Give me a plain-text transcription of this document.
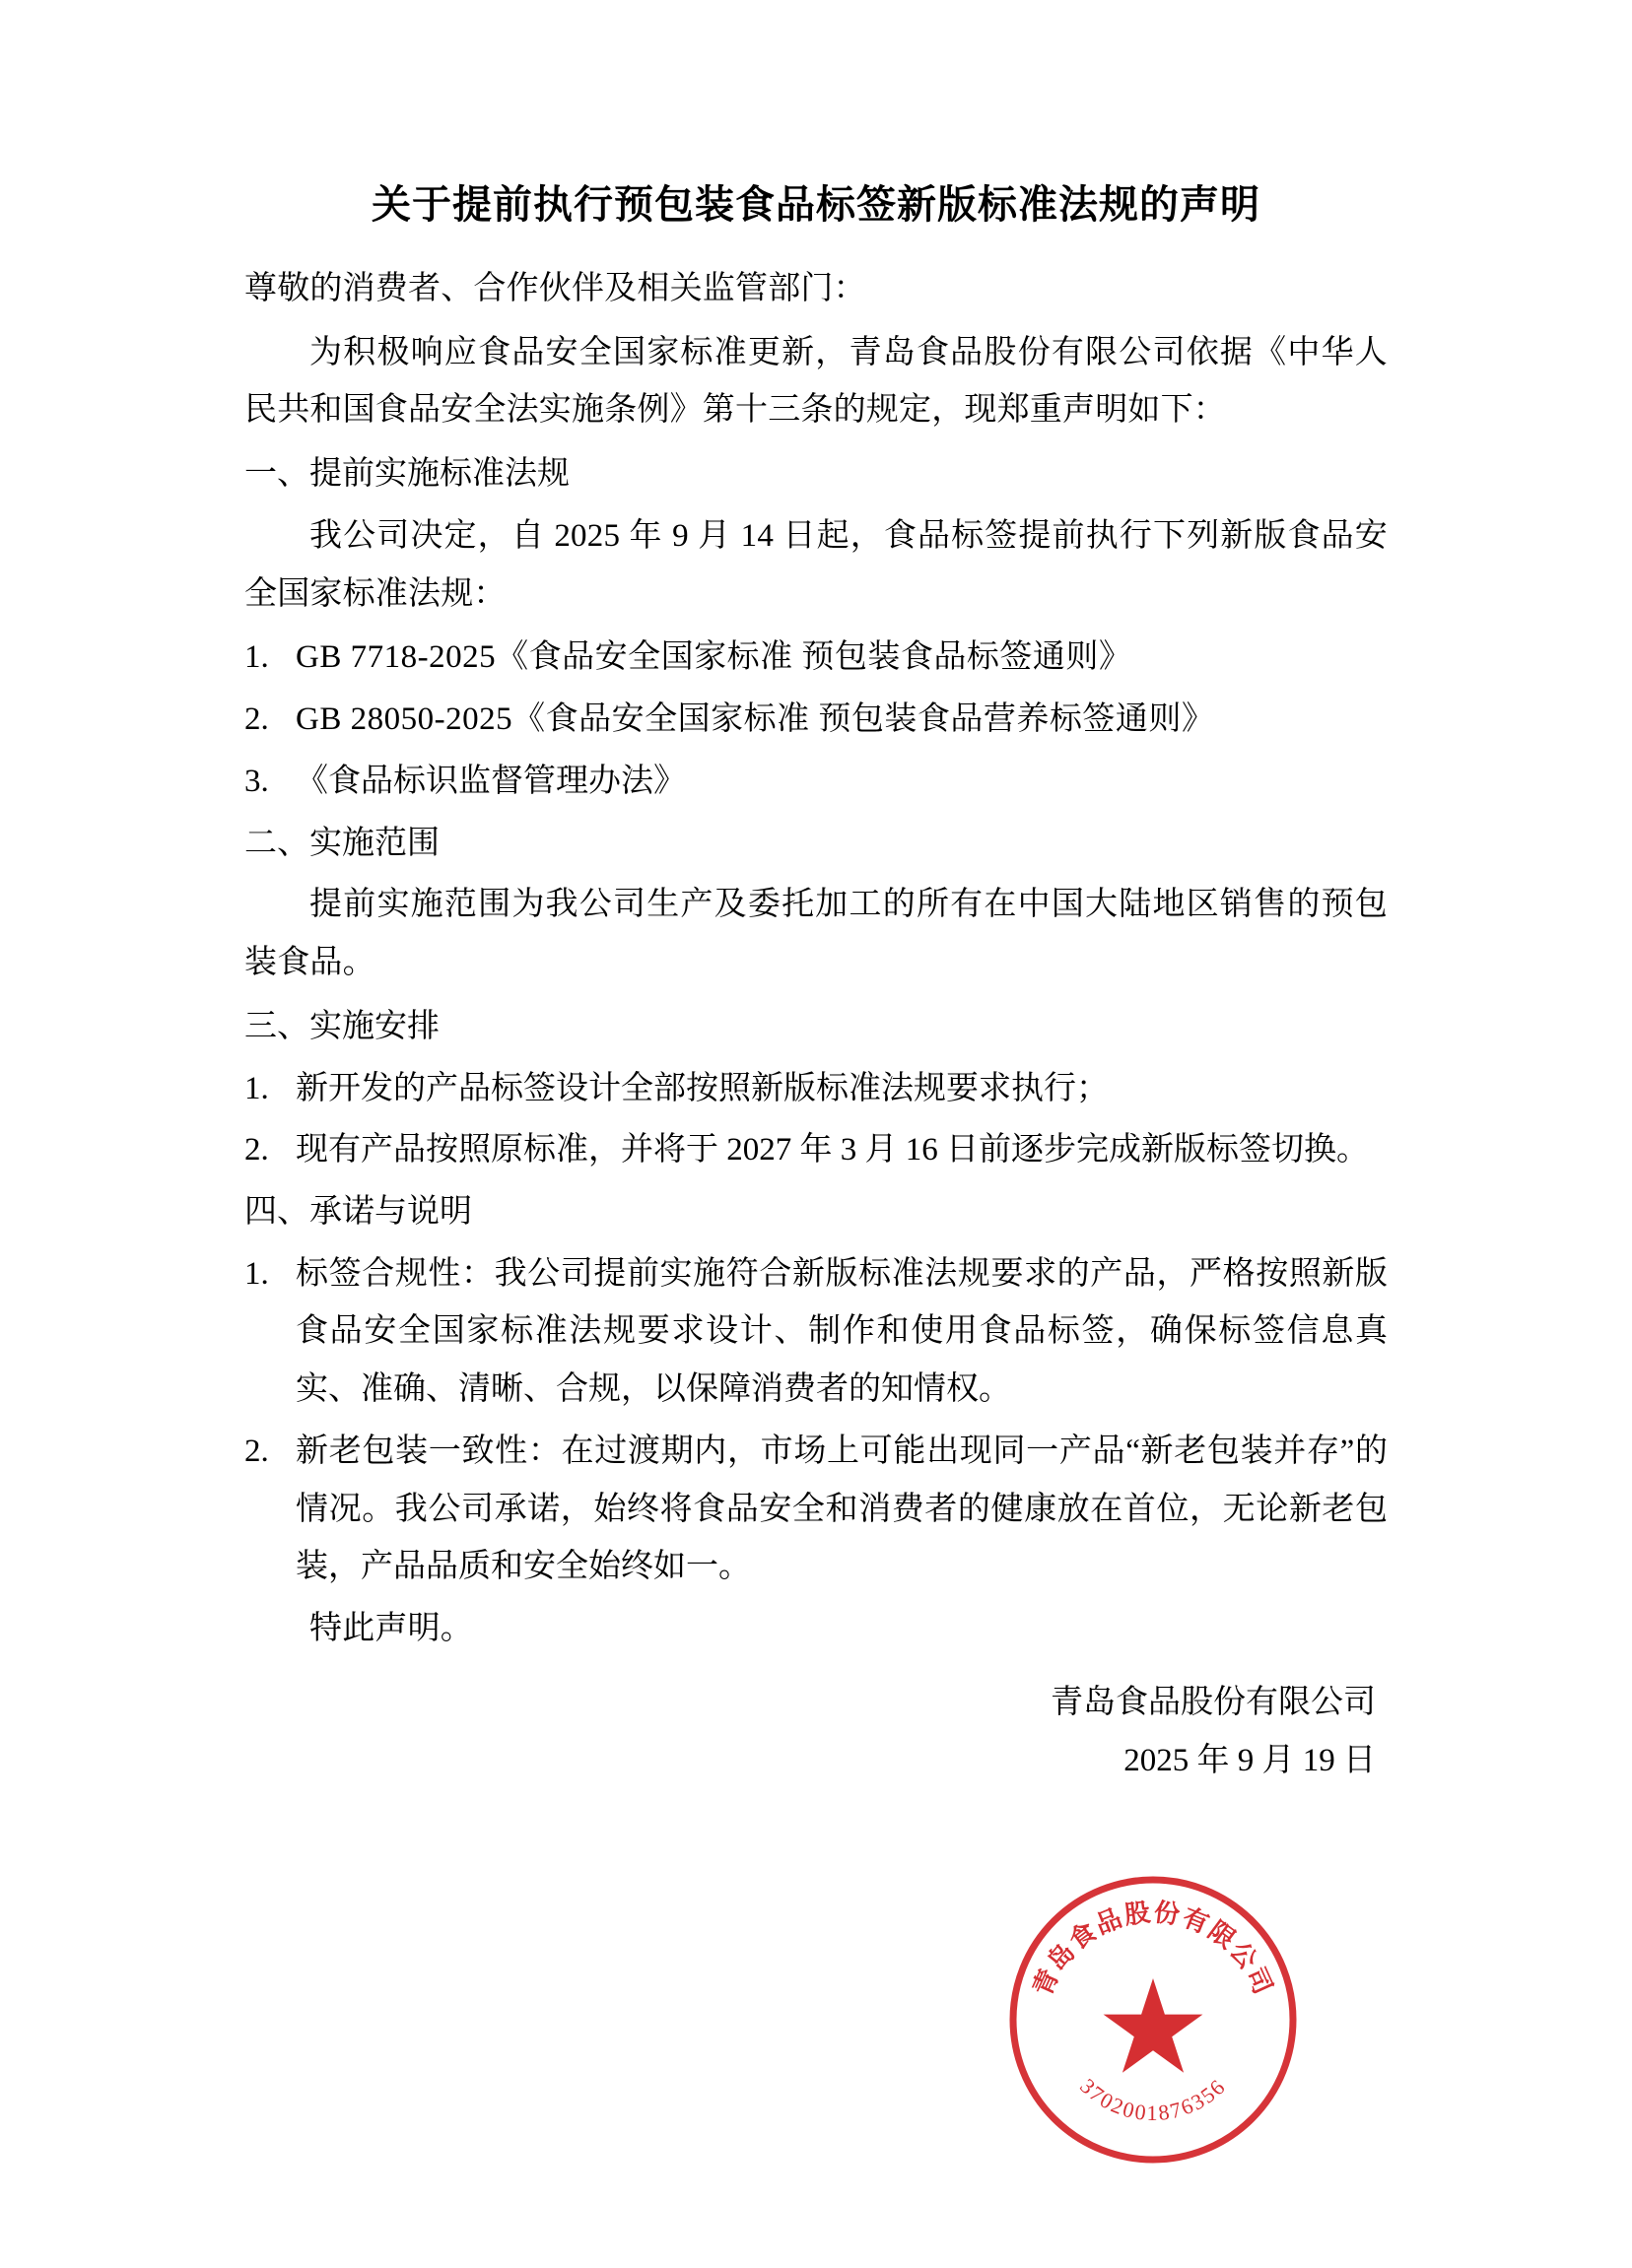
关于提前执行预包装食品标签新版标准法规的声明

尊敬的消费者、合作伙伴及相关监管部门：

为积极响应食品安全国家标准更新，青岛食品股份有限公司依据《中华人民共和国食品安全法实施条例》第十三条的规定，现郑重声明如下：

一、提前实施标准法规

我公司决定，自 2025 年 9 月 14 日起，食品标签提前执行下列新版食品安全国家标准法规：

1. GB 7718-2025《食品安全国家标准 预包装食品标签通则》
2. GB 28050-2025《食品安全国家标准 预包装食品营养标签通则》
3. 《食品标识监督管理办法》

二、实施范围

提前实施范围为我公司生产及委托加工的所有在中国大陆地区销售的预包装食品。

三、实施安排

1. 新开发的产品标签设计全部按照新版标准法规要求执行；
2. 现有产品按照原标准，并将于 2027 年 3 月 16 日前逐步完成新版标签切换。

四、承诺与说明

1. 标签合规性：我公司提前实施符合新版标准法规要求的产品，严格按照新版食品安全国家标准法规要求设计、制作和使用食品标签，确保标签信息真实、准确、清晰、合规，以保障消费者的知情权。
2. 新老包装一致性：在过渡期内，市场上可能出现同一产品“新老包装并存”的情况。我公司承诺，始终将食品安全和消费者的健康放在首位，无论新老包装，产品品质和安全始终如一。

特此声明。

青岛食品股份有限公司
2025 年 9 月 19 日
青岛食品股份有限公司
3702001876356
